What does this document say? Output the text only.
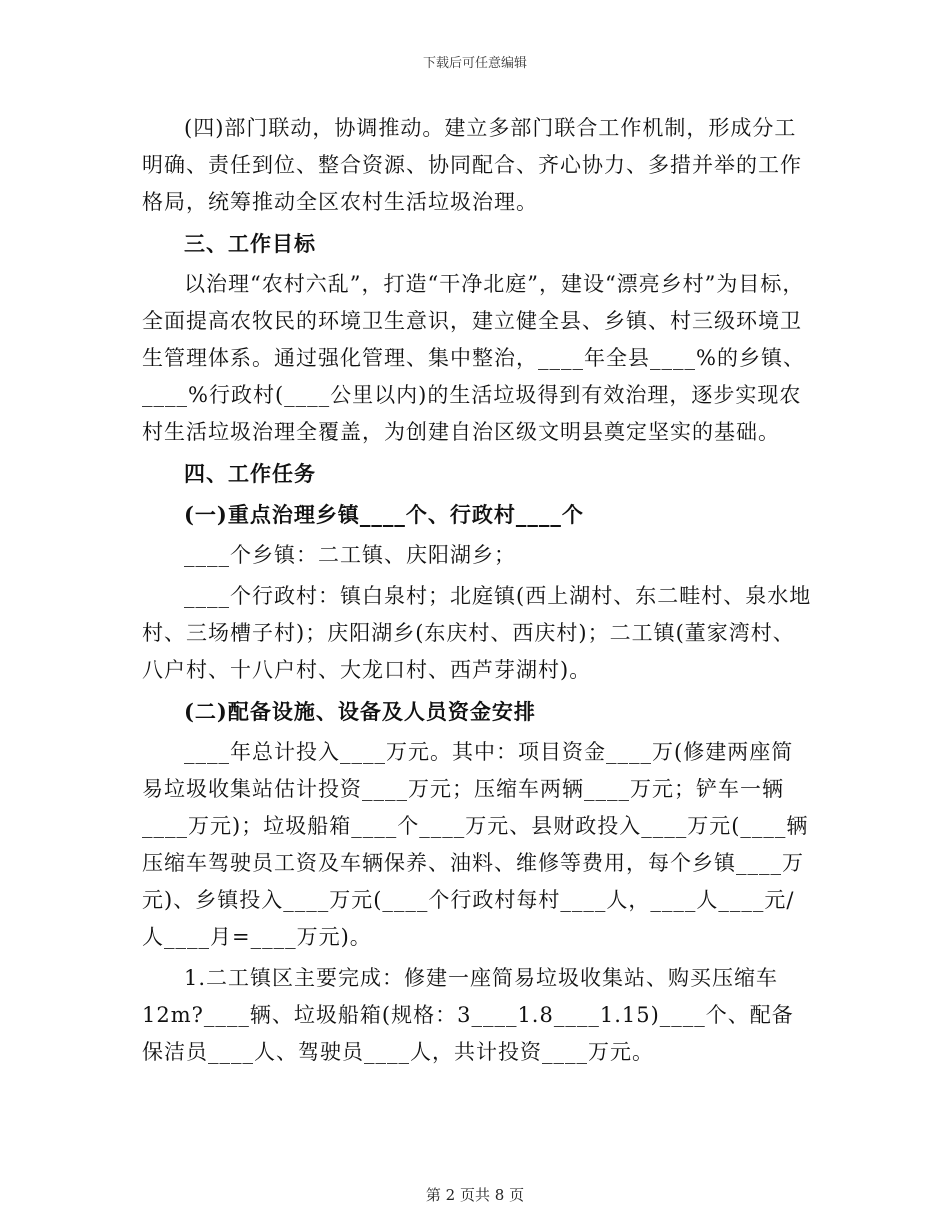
下载后可任意编辑

(四)部门联动，协调推动。建立多部门联合工作机制，形成分工明确、责任到位、整合资源、协同配合、齐心协力、多措并举的工作格局，统筹推动全区农村生活垃圾治理。

三、工作目标

以治理“农村六乱”，打造“干净北庭”，建设“漂亮乡村”为目标，全面提高农牧民的环境卫生意识，建立健全县、乡镇、村三级环境卫生管理体系。通过强化管理、集中整治，____年全县____%的乡镇、____%行政村(____公里以内)的生活垃圾得到有效治理，逐步实现农村生活垃圾治理全覆盖，为创建自治区级文明县奠定坚实的基础。

四、工作任务

(一)重点治理乡镇____个、行政村____个

____个乡镇：二工镇、庆阳湖乡；

____个行政村：镇白泉村；北庭镇(西上湖村、东二畦村、泉水地村、三场槽子村)；庆阳湖乡(东庆村、西庆村)；二工镇(董家湾村、八户村、十八户村、大龙口村、西芦芽湖村)。

(二)配备设施、设备及人员资金安排

____年总计投入____万元。其中：项目资金____万(修建两座简易垃圾收集站估计投资____万元；压缩车两辆____万元；铲车一辆____万元)；垃圾船箱____个____万元、县财政投入____万元(____辆压缩车驾驶员工资及车辆保养、油料、维修等费用，每个乡镇____万元)、乡镇投入____万元(____个行政村每村____人，____人____元/人____月=____万元)。

1.二工镇区主要完成：修建一座简易垃圾收集站、购买压缩车12m?____辆、垃圾船箱(规格：3____1.8____1.15)____个、配备保洁员____人、驾驶员____人，共计投资____万元。

第 2 页共 8 页
